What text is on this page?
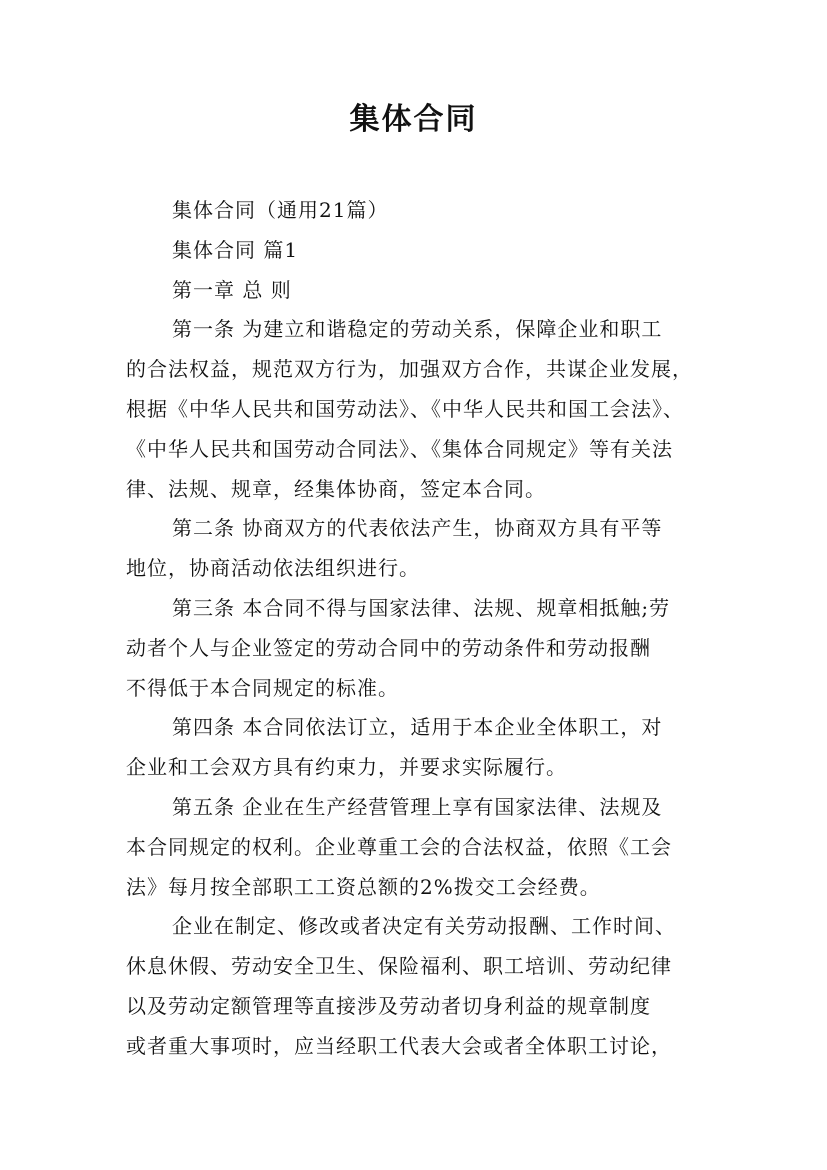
集体合同
集体合同（通用21篇）
集体合同 篇1
第一章 总 则
第一条 为建立和谐稳定的劳动关系，保障企业和职工
的合法权益，规范双方行为，加强双方合作，共谋企业发展，
根据《中华人民共和国劳动法》、《中华人民共和国工会法》、
《中华人民共和国劳动合同法》、《集体合同规定》等有关法
律、法规、规章，经集体协商，签定本合同。
第二条 协商双方的代表依法产生，协商双方具有平等
地位，协商活动依法组织进行。
第三条 本合同不得与国家法律、法规、规章相抵触;劳
动者个人与企业签定的劳动合同中的劳动条件和劳动报酬
不得低于本合同规定的标准。
第四条 本合同依法订立，适用于本企业全体职工，对
企业和工会双方具有约束力，并要求实际履行。
第五条 企业在生产经营管理上享有国家法律、法规及
本合同规定的权利。企业尊重工会的合法权益，依照《工会
法》每月按全部职工工资总额的2%拨交工会经费。
企业在制定、修改或者决定有关劳动报酬、工作时间、
休息休假、劳动安全卫生、保险福利、职工培训、劳动纪律
以及劳动定额管理等直接涉及劳动者切身利益的规章制度
或者重大事项时，应当经职工代表大会或者全体职工讨论，
